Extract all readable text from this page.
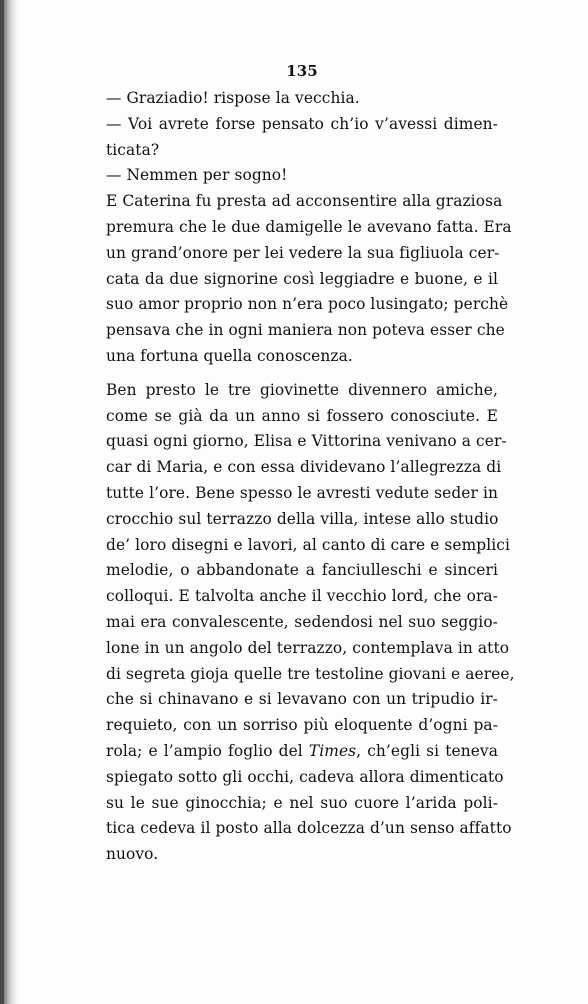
135
— Graziadio! rispose la vecchia.
— Voi avrete forse pensato ch’io v’avessi dimen-
ticata?
— Nemmen per sogno!
E Caterina fu presta ad acconsentire alla graziosa
premura che le due damigelle le avevano fatta. Era
un grand’onore per lei vedere la sua figliuola cer-
cata da due signorine così leggiadre e buone, e il
suo amor proprio non n’era poco lusingato; perchè
pensava che in ogni maniera non poteva esser che
una fortuna quella conoscenza.
Ben presto le tre giovinette divennero amiche,
come se già da un anno si fossero conosciute. E
quasi ogni giorno, Elisa e Vittorina venivano a cer-
car di Maria, e con essa dividevano l’allegrezza di
tutte l’ore. Bene spesso le avresti vedute seder in
crocchio sul terrazzo della villa, intese allo studio
de’ loro disegni e lavori, al canto di care e semplici
melodie, o abbandonate a fanciulleschi e sinceri
colloqui. E talvolta anche il vecchio lord, che ora-
mai era convalescente, sedendosi nel suo seggio-
lone in un angolo del terrazzo, contemplava in atto
di segreta gioja quelle tre testoline giovani e aeree,
che si chinavano e si levavano con un tripudio ir-
requieto, con un sorriso più eloquente d’ogni pa-
rola; e l’ampio foglio del Times, ch’egli si teneva
spiegato sotto gli occhi, cadeva allora dimenticato
su le sue ginocchia; e nel suo cuore l’arida poli-
tica cedeva il posto alla dolcezza d’un senso affatto
nuovo.
